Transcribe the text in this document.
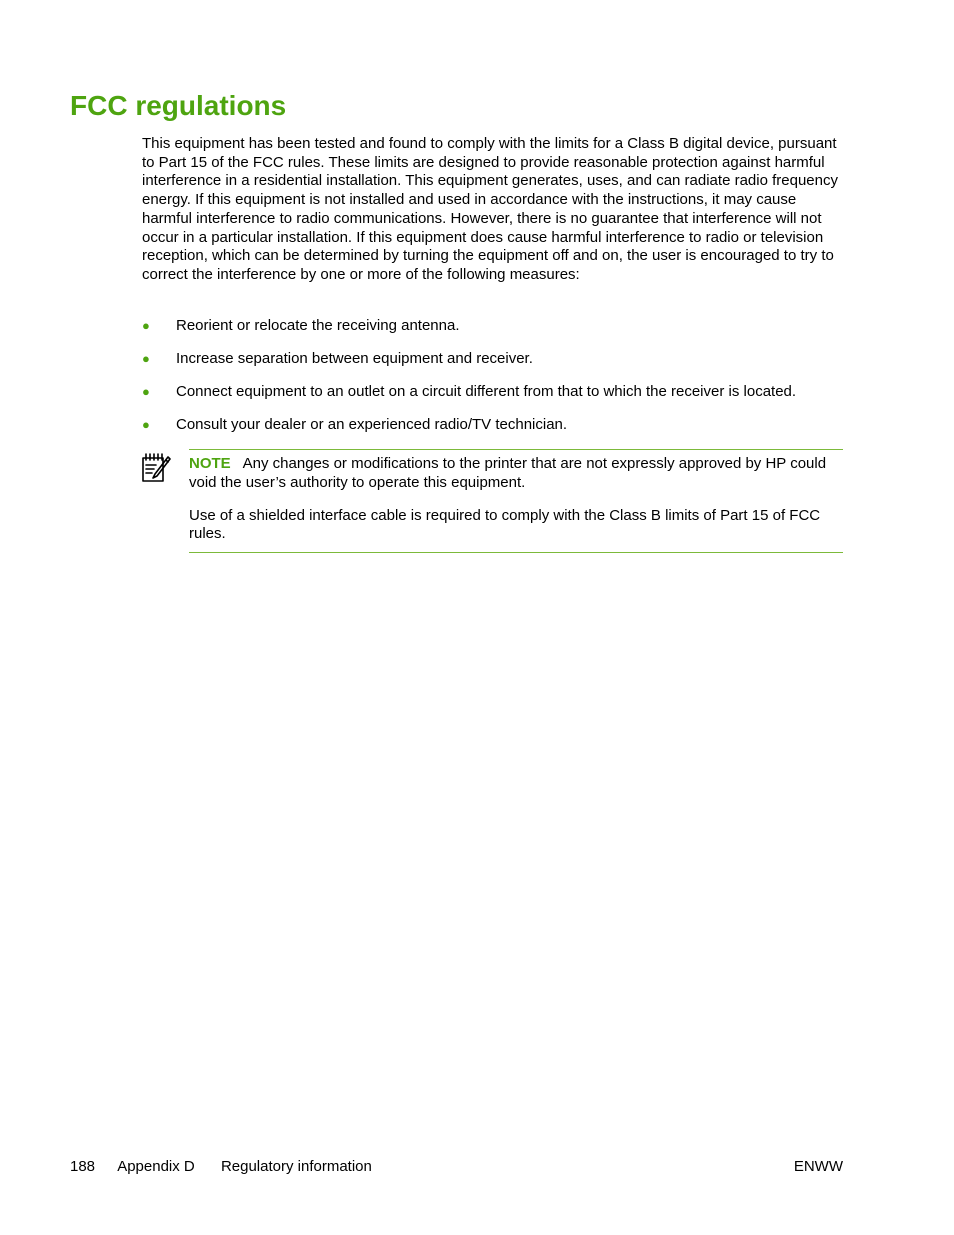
FCC regulations

This equipment has been tested and found to comply with the limits for a Class B digital device, pursuant to Part 15 of the FCC rules. These limits are designed to provide reasonable protection against harmful interference in a residential installation. This equipment generates, uses, and can radiate radio frequency energy. If this equipment is not installed and used in accordance with the instructions, it may cause harmful interference to radio communications. However, there is no guarantee that interference will not occur in a particular installation. If this equipment does cause harmful interference to radio or television reception, which can be determined by turning the equipment off and on, the user is encouraged to try to correct the interference by one or more of the following measures:

● Reorient or relocate the receiving antenna.
● Increase separation between equipment and receiver.
● Connect equipment to an outlet on a circuit different from that to which the receiver is located.
● Consult your dealer or an experienced radio/TV technician.

NOTE Any changes or modifications to the printer that are not expressly approved by HP could void the user’s authority to operate this equipment.

Use of a shielded interface cable is required to comply with the Class B limits of Part 15 of FCC rules.

188 Appendix D Regulatory information	ENWW
